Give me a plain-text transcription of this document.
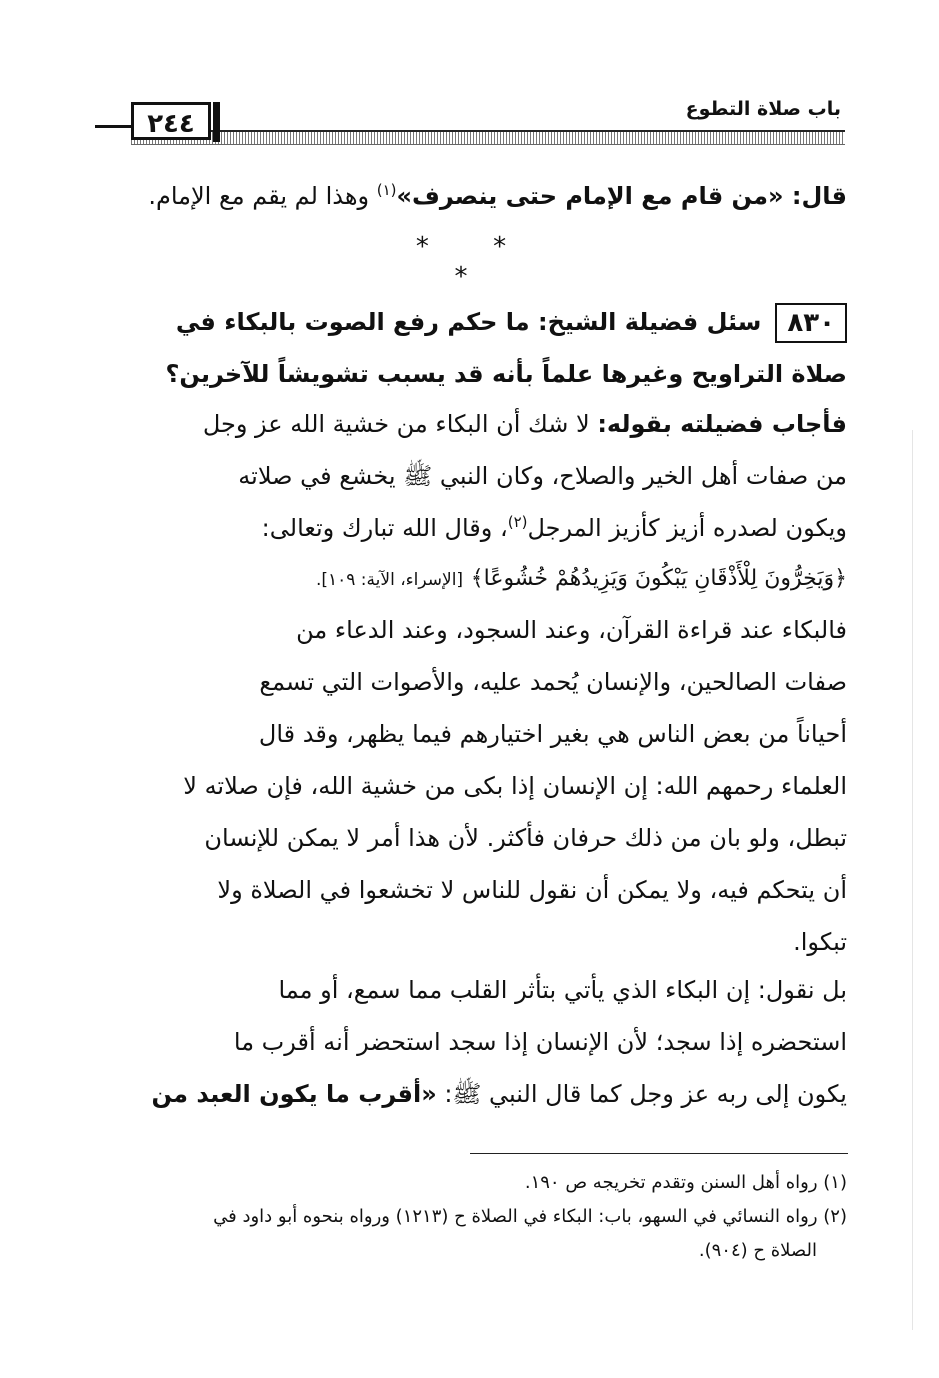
٢٤٤	باب صلاة التطوع
قال: «من قام مع الإمام حتى ينصرف»$^{(١)}$ وهذا لم يقم مع الإمام.
* * *
٨٣٠سئل فضيلة الشيخ: ما حكم رفع الصوت بالبكاء في
صلاة التراويح وغيرها علماً بأنه قد يسبب تشويشاً للآخرين؟
فأجاب فضيلته بقوله: لا شك أن البكاء من خشية الله عز وجل
من صفات أهل الخير والصلاح، وكان النبي ﷺ يخشع في صلاته
ويكون لصدره أزيز كأزيز المرجل$^{(٢)}$، وقال الله تبارك وتعالى:
﴿وَيَخِرُّونَ لِلْأَذْقَانِ يَبْكُونَ وَيَزِيدُهُمْ خُشُوعًا﴾ [الإسراء، الآية: ١٠٩].
فالبكاء عند قراءة القرآن، وعند السجود، وعند الدعاء من
صفات الصالحين، والإنسان يُحمد عليه، والأصوات التي تسمع
أحياناً من بعض الناس هي بغير اختيارهم فيما يظهر، وقد قال
العلماء رحمهم الله: إن الإنسان إذا بكى من خشية الله، فإن صلاته لا
تبطل، ولو بان من ذلك حرفان فأكثر. لأن هذا أمر لا يمكن للإنسان
أن يتحكم فيه، ولا يمكن أن نقول للناس لا تخشعوا في الصلاة ولا
تبكوا.
بل نقول: إن البكاء الذي يأتي بتأثر القلب مما سمع، أو مما
استحضره إذا سجد؛ لأن الإنسان إذا سجد استحضر أنه أقرب ما
يكون إلى ربه عز وجل كما قال النبي ﷺ: «أقرب ما يكون العبد من
(١) رواه أهل السنن وتقدم تخريجه ص ١٩٠.
(٢) رواه النسائي في السهو، باب: البكاء في الصلاة ح (١٢١٣) ورواه بنحوه أبو داود في
الصلاة ح (٩٠٤).
